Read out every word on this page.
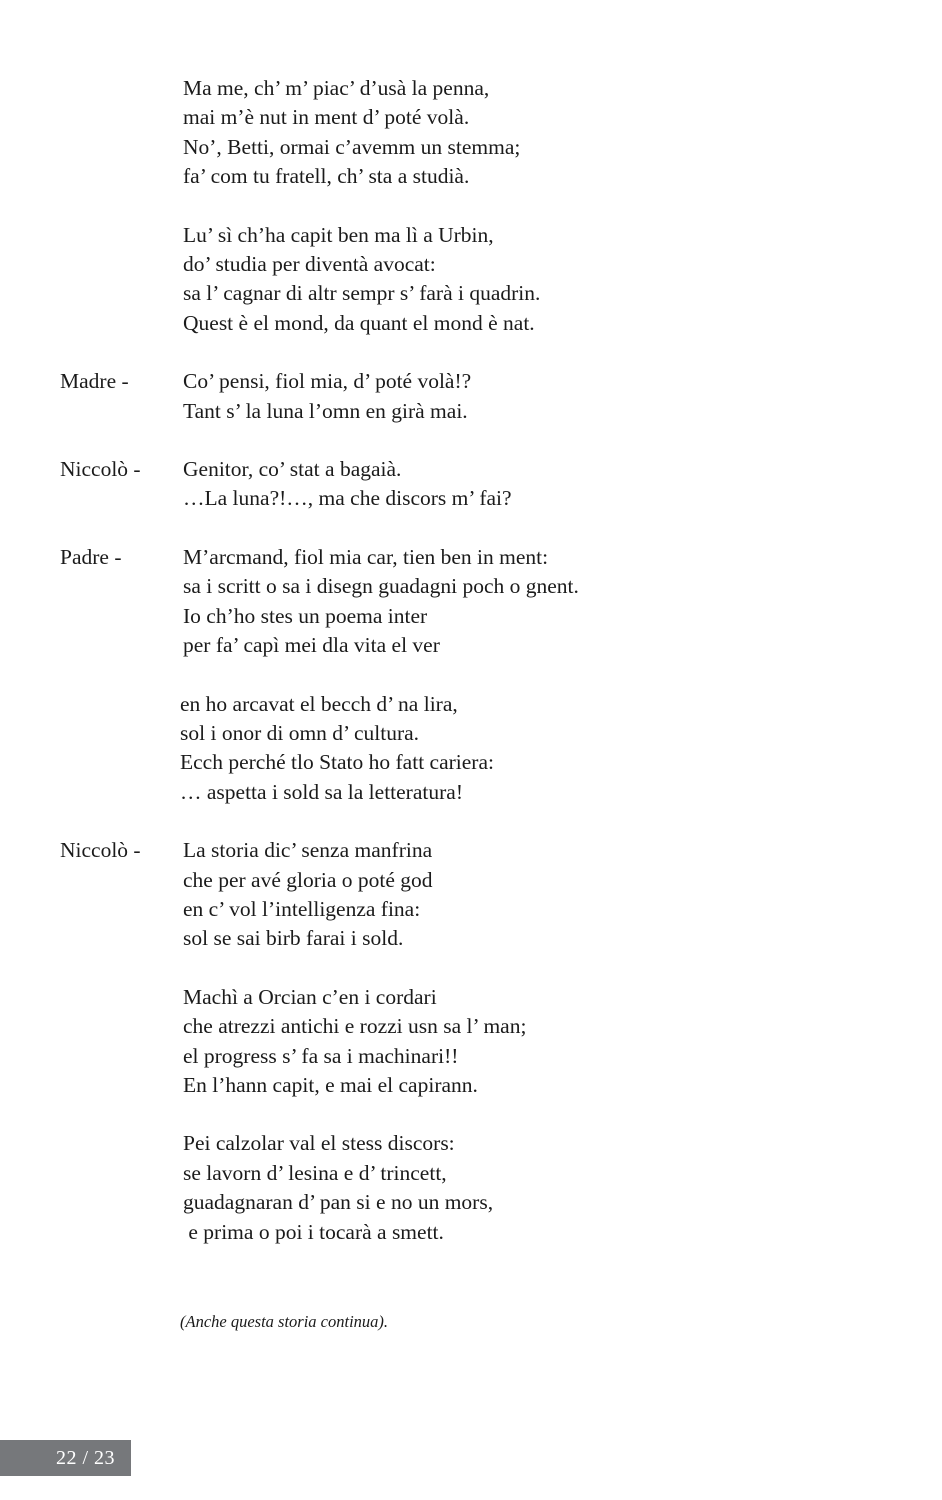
Ma me, ch’ m’ piac’ d’usà la penna,
mai m’è nut in ment d’ poté volà.
No’, Betti, ormai c’avemm un stemma;
fa’ com tu fratell, ch’ sta a studià.
Lu’ sì ch’ha capit ben ma lì a Urbin,
do’ studia per diventà avocat:
sa l’ cagnar di altr sempr s’ farà i quadrin.
Quest è el mond, da quant el mond è nat.
Madre -	Co’ pensi, fiol mia, d’ poté volà!?
Tant s’ la luna l’omn en girà mai.
Niccolò -	Genitor, co’ stat a bagaià.
…La luna?!…, ma che discors m’ fai?
Padre -	M’arcmand, fiol mia car, tien ben in ment:
sa i scritt o sa i disegn guadagni poch o gnent.
Io ch’ho stes un poema inter
per fa’ capì mei dla vita el ver
en ho arcavat el becch d’ na lira,
sol i onor di omn d’ cultura.
Ecch perché tlo Stato ho fatt cariera:
… aspetta i sold sa la letteratura!
Niccolò -	La storia dic’ senza manfrina
che per avé gloria o poté god
en c’ vol l’intelligenza fina:
sol se sai birb farai i sold.
Machì a Orcian c’en i cordari
che atrezzi antichi e rozzi usn sa l’ man;
el progress s’ fa sa i machinari!!
En l’hann capit, e mai el capirann.
Pei calzolar val el stess discors:
se lavorn d’ lesina e d’ trincett,
guadagnaran d’ pan si e no un mors,
e prima o poi i tocarà a smett.
(Anche questa storia continua).
22 / 23
